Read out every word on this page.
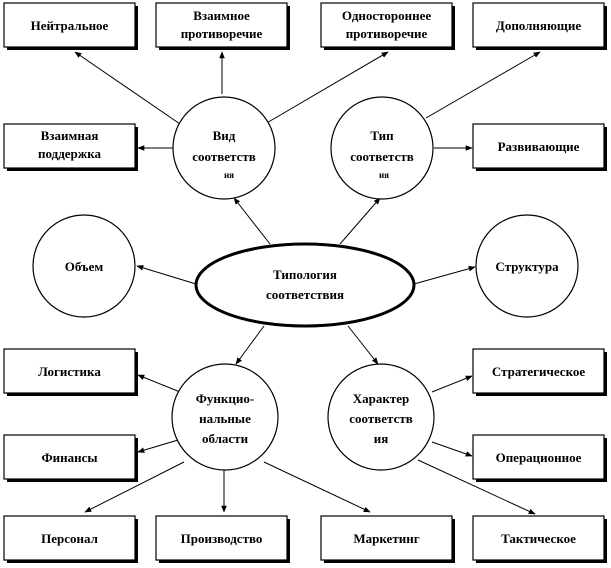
Нейтральное
Взаимное
противоречие
Одностороннее
противоречие
Дополняющие
Взаимная
поддержка	Развивающие
Логистика	Стратегическое
Финансы	Операционное
Персонал	Производство	Маркетинг	Тактическое
Вид
соответств
ия
Тип
соответств
ия
Объем	Структура
Функцио-
нальные
области
Характер
соответств
ия
Типология
соответствия
